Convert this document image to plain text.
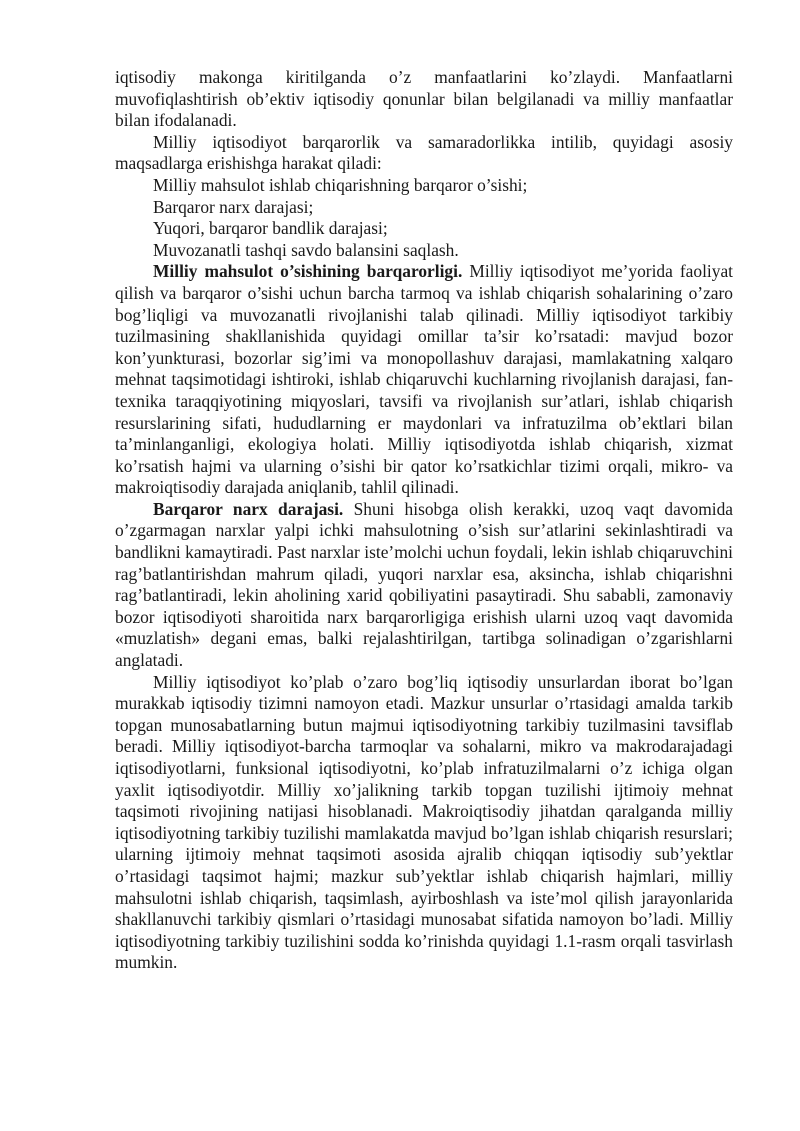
iqtisodiy makonga kiritilganda o’z manfaatlarini ko’zlaydi. Manfaatlarni muvofiqlashtirish ob’ektiv iqtisodiy qonunlar bilan belgilanadi va milliy manfaatlar bilan ifodalanadi.

Milliy iqtisodiyot barqarorlik va samaradorlikka intilib, quyidagi asosiy maqsadlarga erishishga harakat qiladi:

Milliy mahsulot ishlab chiqarishning barqaror o’sishi;

Barqaror narx darajasi;

Yuqori, barqaror bandlik darajasi;

Muvozanatli tashqi savdo balansini saqlash.

Milliy mahsulot o’sishining barqarorligi. Milliy iqtisodiyot me’yorida faoliyat qilish va barqaror o’sishi uchun barcha tarmoq va ishlab chiqarish sohalarining o’zaro bog’liqligi va muvozanatli rivojlanishi talab qilinadi. Milliy iqtisodiyot tarkibiy tuzilmasining shakllanishida quyidagi omillar ta’sir ko’rsatadi: mavjud bozor kon’yunkturasi, bozorlar sig’imi va monopollashuv darajasi, mamlakatning xalqaro mehnat taqsimotidagi ishtiroki, ishlab chiqaruvchi kuchlarning rivojlanish darajasi, fan-texnika taraqqiyotining miqyoslari, tavsifi va rivojlanish sur’atlari, ishlab chiqarish resurslarining sifati, hududlarning er maydonlari va infratuzilma ob’ektlari bilan ta’minlanganligi, ekologiya holati. Milliy iqtisodiyotda ishlab chiqarish, xizmat ko’rsatish hajmi va ularning o’sishi bir qator ko’rsatkichlar tizimi orqali, mikro- va makroiqtisodiy darajada aniqlanib, tahlil qilinadi.

Barqaror narx darajasi. Shuni hisobga olish kerakki, uzoq vaqt davomida o’zgarmagan narxlar yalpi ichki mahsulotning o’sish sur’atlarini sekinlashtiradi va bandlikni kamaytiradi. Past narxlar iste’molchi uchun foydali, lekin ishlab chiqaruvchini rag’batlantirishdan mahrum qiladi, yuqori narxlar esa, aksincha, ishlab chiqarishni rag’batlantiradi, lekin aholining xarid qobiliyatini pasaytiradi. Shu sababli, zamonaviy bozor iqtisodiyoti sharoitida narx barqarorligiga erishish ularni uzoq vaqt davomida «muzlatish» degani emas, balki rejalashtirilgan, tartibga solinadigan o’zgarishlarni anglatadi.

Milliy iqtisodiyot ko’plab o’zaro bog’liq iqtisodiy unsurlardan iborat bo’lgan murakkab iqtisodiy tizimni namoyon etadi. Mazkur unsurlar o’rtasidagi amalda tarkib topgan munosabatlarning butun majmui iqtisodiyotning tarkibiy tuzilmasini tavsiflab beradi. Milliy iqtisodiyot-barcha tarmoqlar va sohalarni, mikro va makrodarajadagi iqtisodiyotlarni, funksional iqtisodiyotni, ko’plab infratuzilmalarni o’z ichiga olgan yaxlit iqtisodiyotdir. Milliy xo’jalikning tarkib topgan tuzilishi ijtimoiy mehnat taqsimoti rivojining natijasi hisoblanadi. Makroiqtisodiy jihatdan qaralganda milliy iqtisodiyotning tarkibiy tuzilishi mamlakatda mavjud bo’lgan ishlab chiqarish resurslari; ularning ijtimoiy mehnat taqsimoti asosida ajralib chiqqan iqtisodiy sub’yektlar o’rtasidagi taqsimot hajmi; mazkur sub’yektlar ishlab chiqarish hajmlari, milliy mahsulotni ishlab chiqarish, taqsimlash, ayirboshlash va iste’mol qilish jarayonlarida shakllanuvchi tarkibiy qismlari o’rtasidagi munosabat sifatida namoyon bo’ladi. Milliy iqtisodiyotning tarkibiy tuzilishini sodda ko’rinishda quyidagi 1.1-rasm orqali tasvirlash mumkin.
